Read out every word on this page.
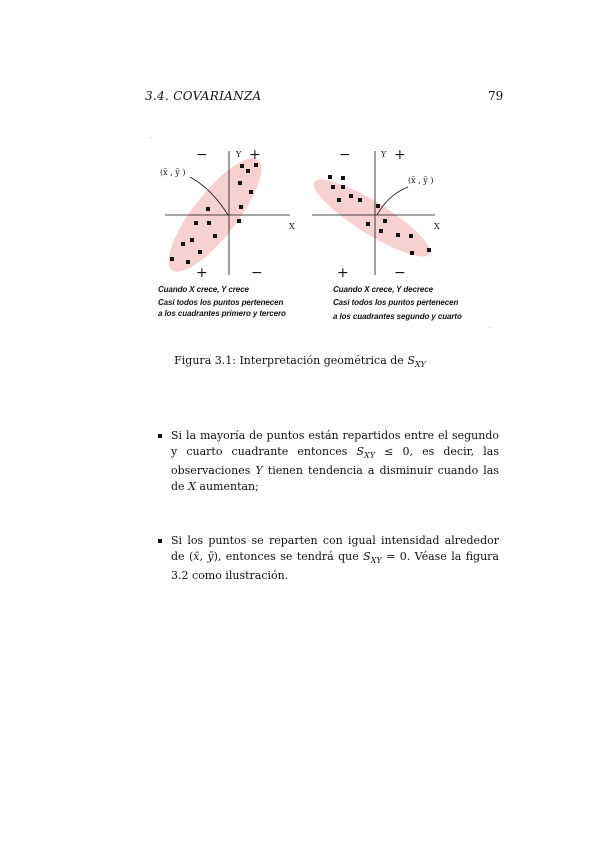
3.4. COVARIANZA	79
.
Y
X
(x̄ , ȳ )
−	+
+	−
Y
X
(x̄ , ȳ )
−	+
+	−
Cuando X crece, Y crece
Casi todos los puntos pertenecen
a los cuadrantes primero y tercero
Cuando X crece, Y decrece
Casi todos los puntos pertenecen
a los cuadrantes segundo y cuarto
.
Figura 3.1: Interpretación geométrica de $S_{XY}$
Si la mayoría de puntos están repartidos entre el segundo y cuarto cuadrante entonces $S_{XY} \le 0$, es decir, las observaciones Y tienen tendencia a disminuir cuando las de X aumentan;
Si los puntos se reparten con igual intensidad alrededor de (x̄, ȳ), entonces se tendrá que $S_{XY} = 0$. Véase la figura 3.2 como ilustración.
